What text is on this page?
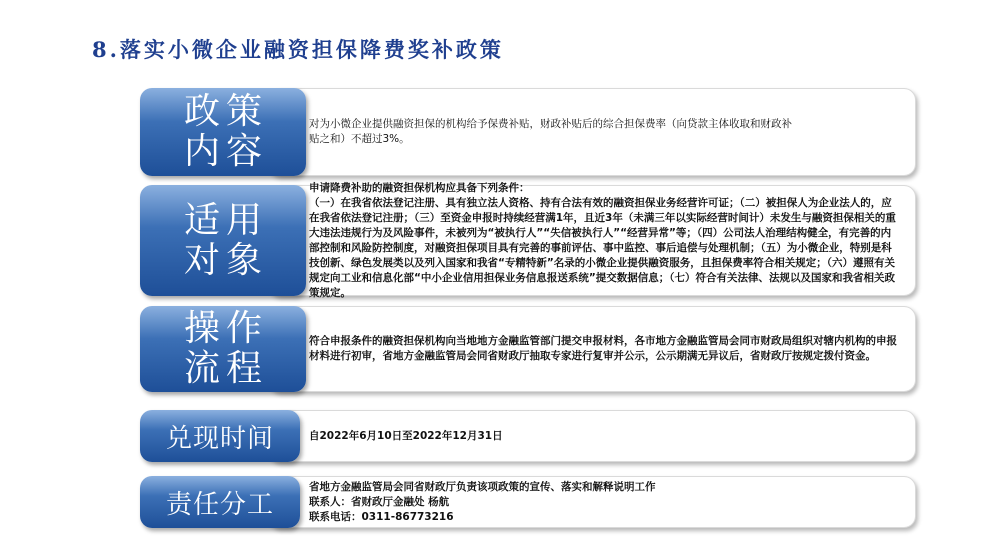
8.落实小微企业融资担保降费奖补政策
对为小微企业提供融资担保的机构给予保费补贴，财政补贴后的综合担保费率（向贷款主体收取和财政补
贴之和）不超过3%。
政策
内容
申请降费补助的融资担保机构应具备下列条件：
（一）在我省依法登记注册、具有独立法人资格、持有合法有效的融资担保业务经营许可证；（二）被担保人为企业法人的，应在我省依法登记注册；（三）至资金申报时持续经营满1年，且近3年（未满三年以实际经营时间计）未发生与融资担保相关的重大违法违规行为及风险事件，未被列为“被执行人”“失信被执行人”“经营异常”等；（四）公司法人治理结构健全，有完善的内部控制和风险防控制度，对融资担保项目具有完善的事前评估、事中监控、事后追偿与处理机制；（五）为小微企业，特别是科技创新、绿色发展类以及列入国家和我省“专精特新”名录的小微企业提供融资服务，且担保费率符合相关规定；（六）遵照有关规定向工业和信息化部“中小企业信用担保业务信息报送系统”提交数据信息；（七）符合有关法律、法规以及国家和我省相关政策规定。
适用
对象
符合申报条件的融资担保机构向当地地方金融监管部门提交申报材料，各市地方金融监管局会同市财政局组织对辖内机构的申报材料进行初审，省地方金融监管局会同省财政厅抽取专家进行复审并公示，公示期满无异议后，省财政厅按规定拨付资金。
操作
流程
自2022年6月10日至2022年12月31日
兑现时间
省地方金融监管局会同省财政厅负责该项政策的宣传、落实和解释说明工作
联系人：省财政厅金融处 杨航
联系电话：0311-86773216
责任分工
